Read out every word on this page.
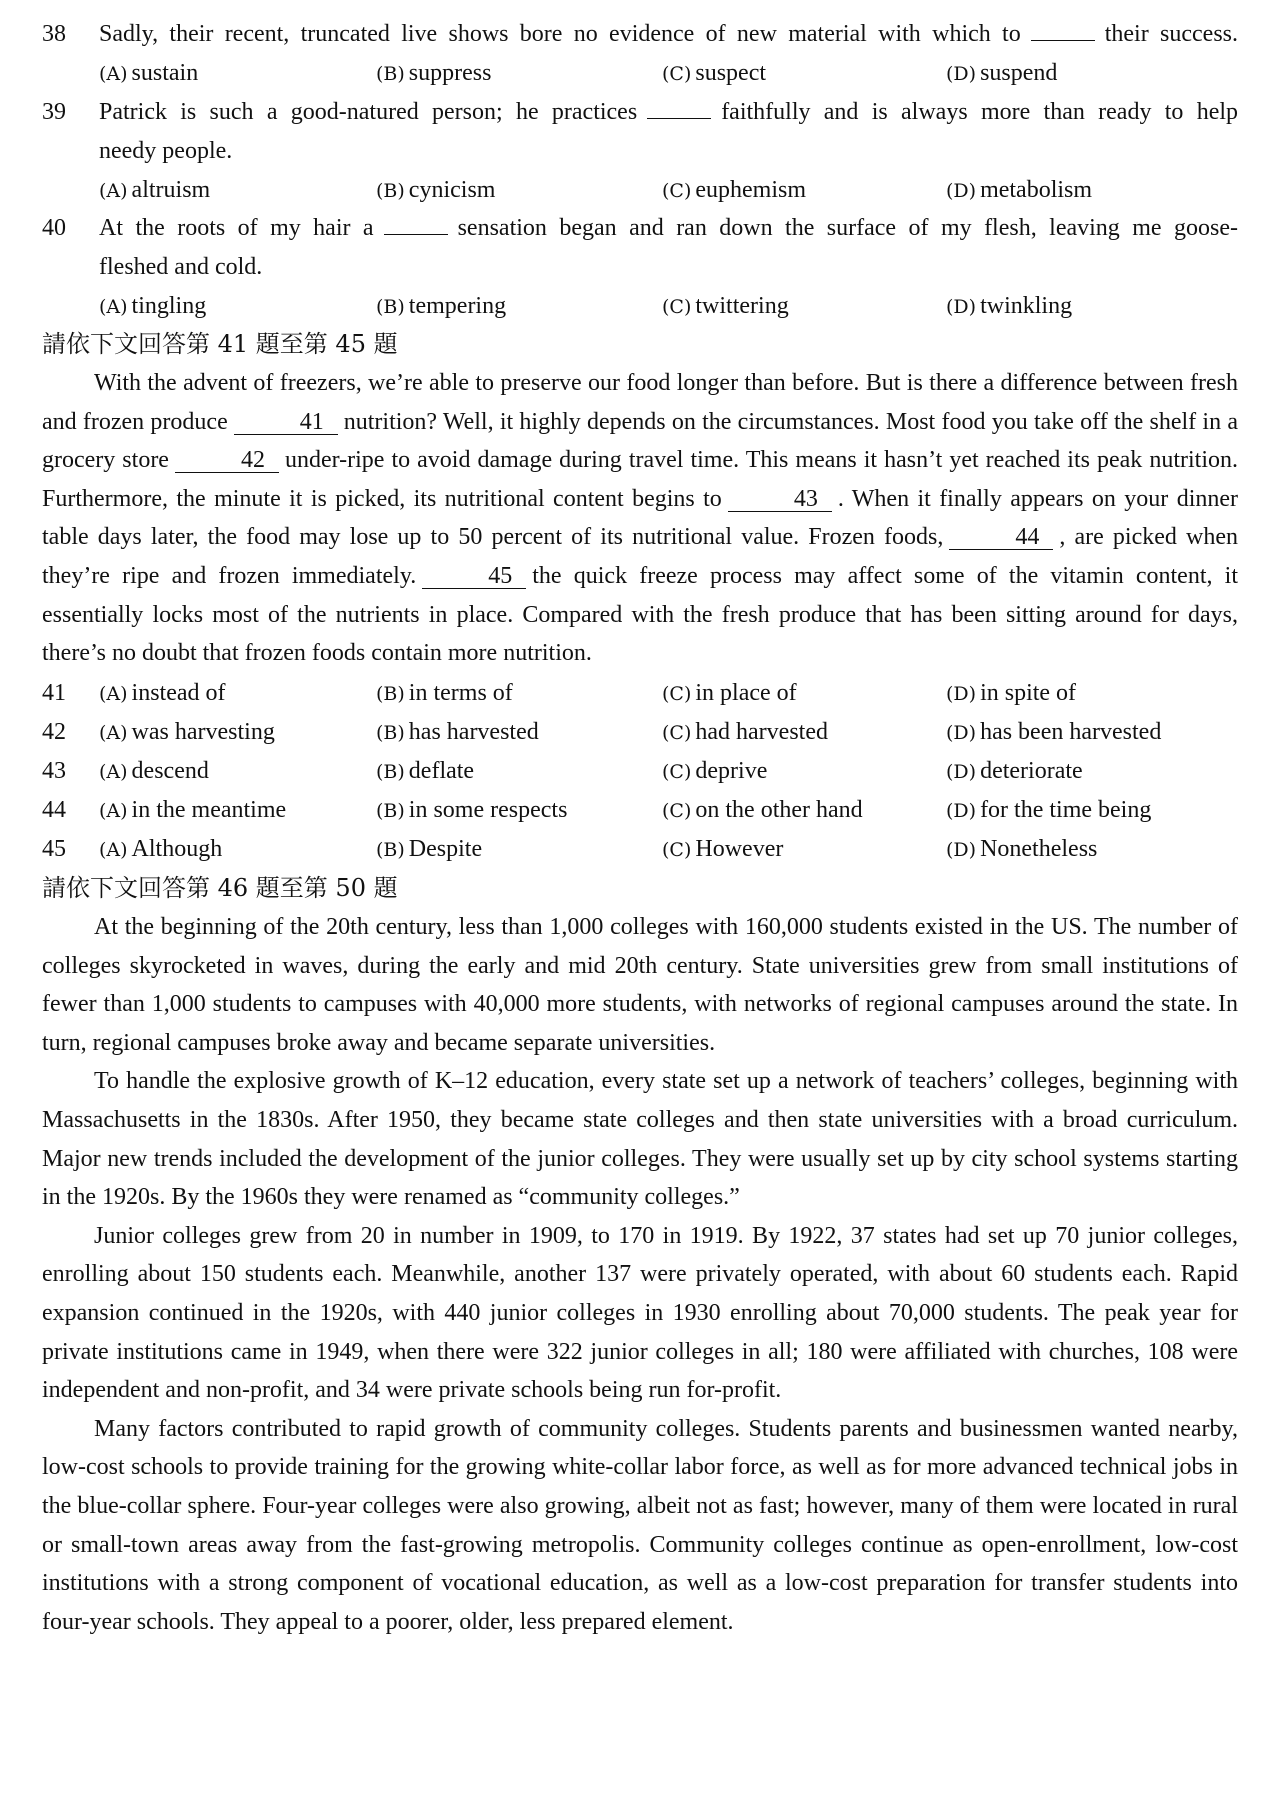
38	Sadly, their recent, truncated live shows bore no evidence of new material with which to	their success.
(A) sustain	(B) suppress	(C) suspect	(D) suspend
39	Patrick is such a good-natured person; he practices	faithfully and is always more than ready to help
needy people.
(A) altruism	(B) cynicism	(C) euphemism	(D) metabolism
40	At the roots of my hair a	sensation began and ran down the surface of my flesh, leaving me goose-
fleshed and cold.
(A) tingling	(B) tempering	(C) twittering	(D) twinkling
請依下文回答第 41 題至第 45 題

With the advent of freezers, we’re able to preserve our food longer than before. But is there a difference between fresh and frozen produce	41 nutrition? Well, it highly depends on the circumstances. Most food you take off the shelf in a grocery store	42 under-ripe to avoid damage during travel time. This means it hasn’t yet reached its peak nutrition. Furthermore, the minute it is picked, its nutritional content begins to	43 . When it finally appears on your dinner table days later, the food may lose up to 50 percent of its nutritional value. Frozen foods,	44 , are picked when they’re ripe and frozen immediately.	45 the quick freeze process may affect some of the vitamin content, it essentially locks most of the nutrients in place. Compared with the fresh produce that has been sitting around for days, there’s no doubt that frozen foods contain more nutrition.

41	(A) instead of	(B) in terms of	(C) in place of	(D) in spite of
42	(A) was harvesting	(B) has harvested	(C) had harvested	(D) has been harvested
43	(A) descend	(B) deflate	(C) deprive	(D) deteriorate
44	(A) in the meantime	(B) in some respects	(C) on the other hand	(D) for the time being
45	(A) Although	(B) Despite	(C) However	(D) Nonetheless
請依下文回答第 46 題至第 50 題

At the beginning of the 20th century, less than 1,000 colleges with 160,000 students existed in the US. The number of colleges skyrocketed in waves, during the early and mid 20th century. State universities grew from small institutions of fewer than 1,000 students to campuses with 40,000 more students, with networks of regional campuses around the state. In turn, regional campuses broke away and became separate universities.

To handle the explosive growth of K–12 education, every state set up a network of teachers’ colleges, beginning with Massachusetts in the 1830s. After 1950, they became state colleges and then state universities with a broad curriculum. Major new trends included the development of the junior colleges. They were usually set up by city school systems starting in the 1920s. By the 1960s they were renamed as “community colleges.”

Junior colleges grew from 20 in number in 1909, to 170 in 1919. By 1922, 37 states had set up 70 junior colleges, enrolling about 150 students each. Meanwhile, another 137 were privately operated, with about 60 students each. Rapid expansion continued in the 1920s, with 440 junior colleges in 1930 enrolling about 70,000 students. The peak year for private institutions came in 1949, when there were 322 junior colleges in all; 180 were affiliated with churches, 108 were independent and non-profit, and 34 were private schools being run for-profit.

Many factors contributed to rapid growth of community colleges. Students parents and businessmen wanted nearby, low-cost schools to provide training for the growing white-collar labor force, as well as for more advanced technical jobs in the blue-collar sphere. Four-year colleges were also growing, albeit not as fast; however, many of them were located in rural or small-town areas away from the fast-growing metropolis. Community colleges continue as open-enrollment, low-cost institutions with a strong component of vocational education, as well as a low-cost preparation for transfer students into four-year schools. They appeal to a poorer, older, less prepared element.
